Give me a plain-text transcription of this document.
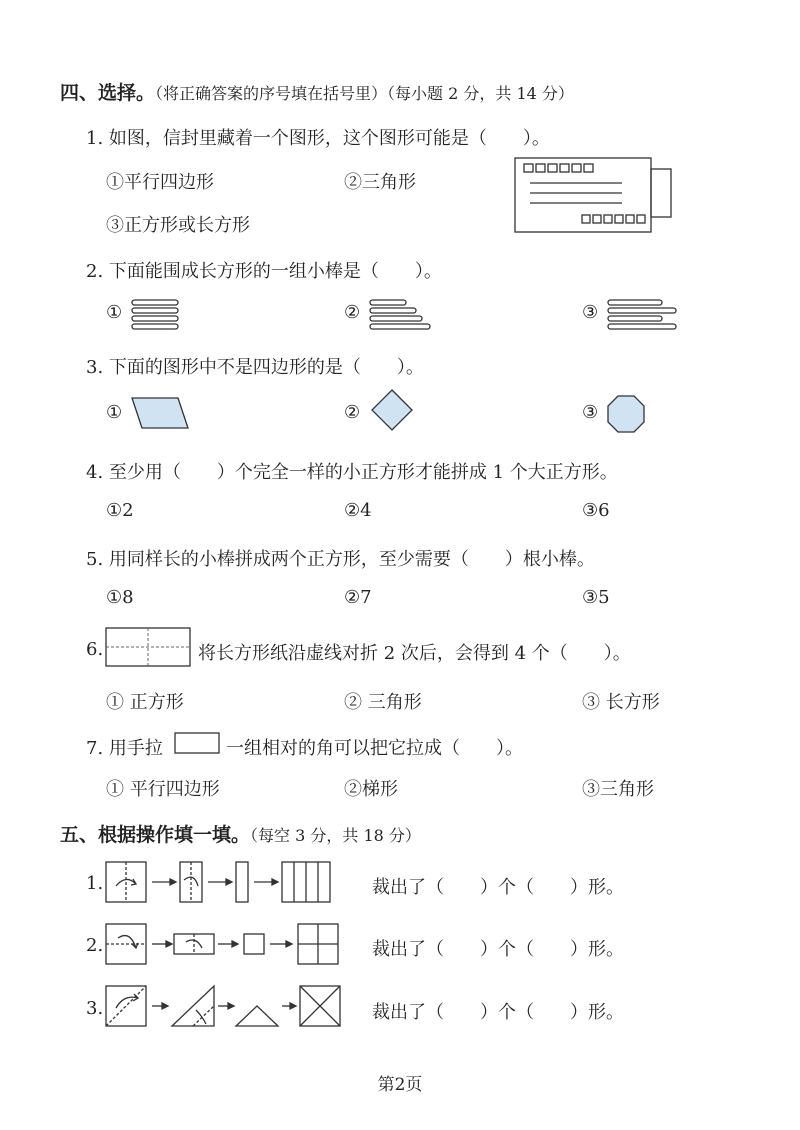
四、选择。（将正确答案的序号填在括号里）（每小题 2 分，共 14 分）
1. 如图，信封里藏着一个图形，这个图形可能是（　　）。
①平行四边形	②三角形
③正方形或长方形
2. 下面能围成长方形的一组小棒是（　　）。
①	②	③
3. 下面的图形中不是四边形的是（　　）。
①	②	③
4. 至少用（　　）个完全一样的小正方形才能拼成 1 个大正方形。
①2	②4	③6
5. 用同样长的小棒拼成两个正方形，至少需要（　　）根小棒。
①8	②7	③5
6.	将长方形纸沿虚线对折 2 次后，会得到 4 个（　　）。
① 正方形	② 三角形	③ 长方形
7. 用手拉	一组相对的角可以把它拉成（　　）。
① 平行四边形	②梯形	③三角形
五、根据操作填一填。（每空 3 分，共 18 分）
1.	裁出了（　　）个（　　）形。
2.	裁出了（　　）个（　　）形。
3.	裁出了（　　）个（　　）形。
第2页
